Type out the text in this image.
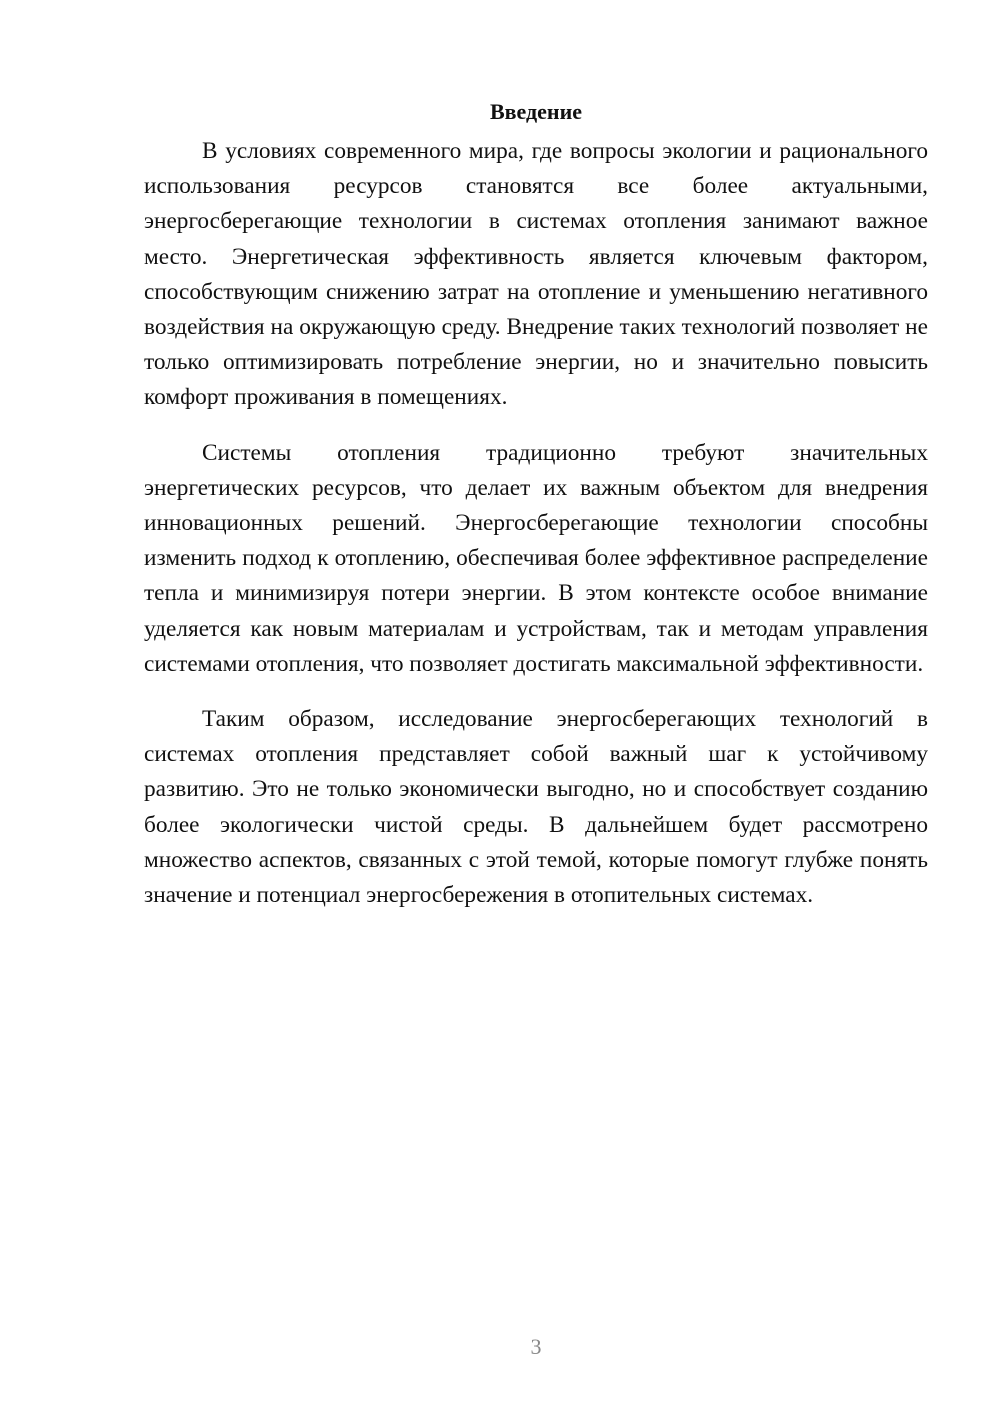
Введение

В условиях современного мира, где вопросы экологии и рационального использования ресурсов становятся все более актуальными, энергосберегающие технологии в системах отопления занимают важное место. Энергетическая эффективность является ключевым фактором, способствующим снижению затрат на отопление и уменьшению негативного воздействия на окружающую среду. Внедрение таких технологий позволяет не только оптимизировать потребление энергии, но и значительно повысить комфорт проживания в помещениях.

Системы отопления традиционно требуют значительных энергетических ресурсов, что делает их важным объектом для внедрения инновационных решений. Энергосберегающие технологии способны изменить подход к отоплению, обеспечивая более эффективное распределение тепла и минимизируя потери энергии. В этом контексте особое внимание уделяется как новым материалам и устройствам, так и методам управления системами отопления, что позволяет достигать максимальной эффективности.

Таким образом, исследование энергосберегающих технологий в системах отопления представляет собой важный шаг к устойчивому развитию. Это не только экономически выгодно, но и способствует созданию более экологически чистой среды. В дальнейшем будет рассмотрено множество аспектов, связанных с этой темой, которые помогут глубже понять значение и потенциал энергосбережения в отопительных системах.

3
